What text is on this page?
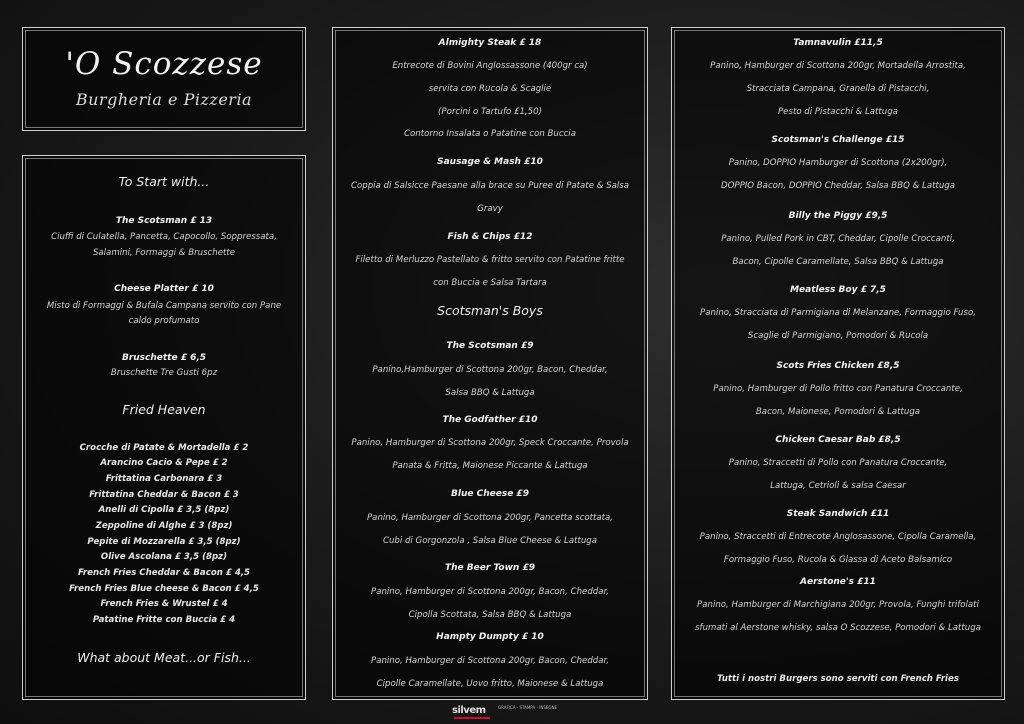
'O Scozzese
Burgheria e Pizzeria
To Start with...
The Scotsman £ 13
Ciuffi di Culatella, Pancetta, Capocollo, Soppressata,
Salamini, Formaggi & Bruschette
Cheese Platter £ 10
Misto di Formaggi & Bufala Campana servito con Pane
caldo profumato
Bruschette £ 6,5
Bruschette Tre Gusti 6pz
Fried Heaven
Crocche di Patate & Mortadella £ 2
Arancino Cacio & Pepe £ 2
Frittatina Carbonara £ 3
Frittatina Cheddar & Bacon £ 3
Anelli di Cipolla £ 3,5 (8pz)
Zeppoline di Alghe £ 3 (8pz)
Pepite di Mozzarella £ 3,5 (8pz)
Olive Ascolana £ 3,5 (8pz)
French Fries Cheddar & Bacon £ 4,5
French Fries Blue cheese & Bacon £ 4,5
French Fries & Wrustel £ 4
Patatine Fritte con Buccia £ 4
What about Meat...or Fish...
Almighty Steak £ 18
Entrecote di Bovini Anglossassone (400gr ca)
servita con Rucola & Scaglie
(Porcini o Tartufo £1,50)
Contorno Insalata o Patatine con Buccia
Sausage & Mash £10
Coppia di Salsicce Paesane alla brace su Puree di Patate & Salsa
Gravy
Fish & Chips £12
Filetto di Merluzzo Pastellato & fritto servito con Patatine fritte
con Buccia e Salsa Tartara
Scotsman's Boys
The Scotsman £9
Panino,Hamburger di Scottona 200gr, Bacon, Cheddar,
Salsa BBQ & Lattuga
The Godfather £10
Panino, Hamburger di Scottona 200gr, Speck Croccante, Provola
Panata & Fritta, Maionese Piccante & Lattuga
Blue Cheese £9
Panino, Hamburger di Scottona 200gr, Pancetta scottata,
Cubi di Gorgonzola , Salsa Blue Cheese & Lattuga
The Beer Town £9
Panino, Hamburger di Scottona 200gr, Bacon, Cheddar,
Cipolla Scottata, Salsa BBQ & Lattuga
Hampty Dumpty £ 10
Panino, Hamburger di Scottona 200gr, Bacon, Cheddar,
Cipolle Caramellate, Uovo fritto, Maionese & Lattuga
Tamnavulin £11,5
Panino, Hamburger di Scottona 200gr, Mortadella Arrostita,
Stracciata Campana, Granella di Pistacchi,
Pesto di Pistacchi & Lattuga
Scotsman's Challenge £15
Panino, DOPPIO Hamburger di Scottona (2x200gr),
DOPPIO Bacon, DOPPIO Cheddar, Salsa BBQ & Lattuga
Billy the Piggy £9,5
Panino, Pulled Pork in CBT, Cheddar, Cipolle Croccanti,
Bacon, Cipolle Caramellate, Salsa BBQ & Lattuga
Meatless Boy £ 7,5
Panino, Stracciata di Parmigiana di Melanzane, Formaggio Fuso,
Scaglie di Parmigiano, Pomodori & Rucola
Scots Fries Chicken £8,5
Panino, Hamburger di Pollo fritto con Panatura Croccante,
Bacon, Maionese, Pomodori & Lattuga
Chicken Caesar Bab £8,5
Panino, Straccetti di Pollo con Panatura Croccante,
Lattuga, Cetrioli & salsa Caesar
Steak Sandwich £11
Panino, Straccetti di Entrecote Anglosassone, Cipolla Caramella,
Formaggio Fuso, Rucola & Glassa di Aceto Balsamico
Aerstone's £11
Panino, Hamburger di Marchigiana 200gr, Provola, Funghi trifolati
sfumati al Aerstone whisky, salsa O Scozzese, Pomodori & Lattuga
Tutti i nostri Burgers sono serviti con French Fries
silvem	GRAFICA - STAMPA - INSEGNE
